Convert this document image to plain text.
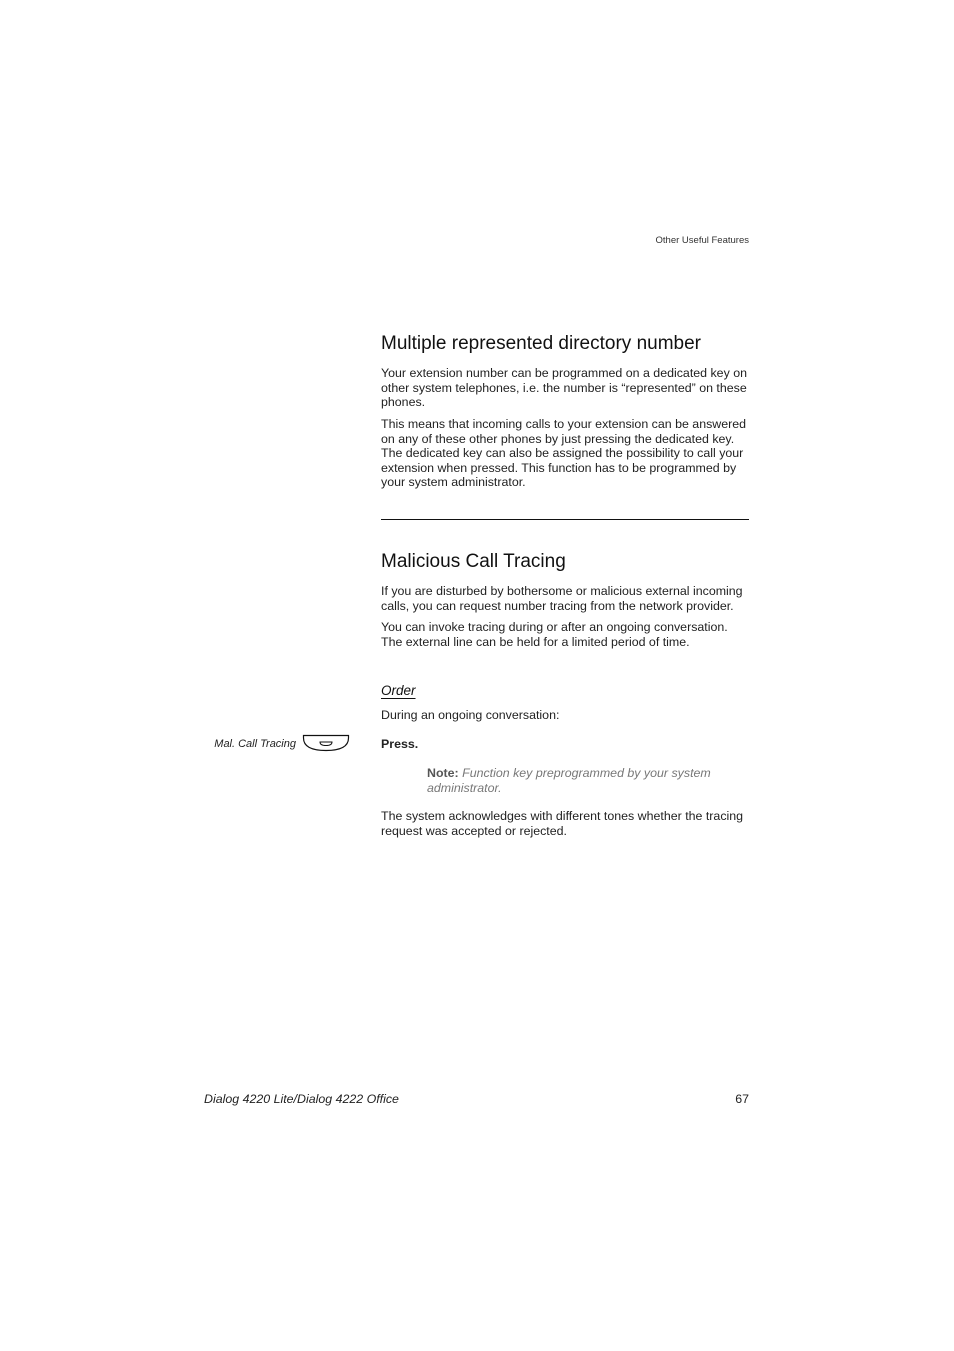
Other Useful Features
Multiple represented directory number

Your extension number can be programmed on a dedicated key on other system telephones, i.e. the number is “represented” on these phones.

This means that incoming calls to your extension can be answered on any of these other phones by just pressing the dedicated key. The dedicated key can also be assigned the possibility to call your extension when pressed. This function has to be programmed by your system administrator.

Malicious Call Tracing

If you are disturbed by bothersome or malicious external incoming calls, you can request number tracing from the network provider.

You can invoke tracing during or after an ongoing conversation. The external line can be held for a limited period of time.

Order

During an ongoing conversation:

Mal. Call Tracing	Press.

Note: Function key preprogrammed by your system administrator.

The system acknowledges with different tones whether the tracing request was accepted or rejected.

Dialog 4220 Lite/Dialog 4222 Office	67
